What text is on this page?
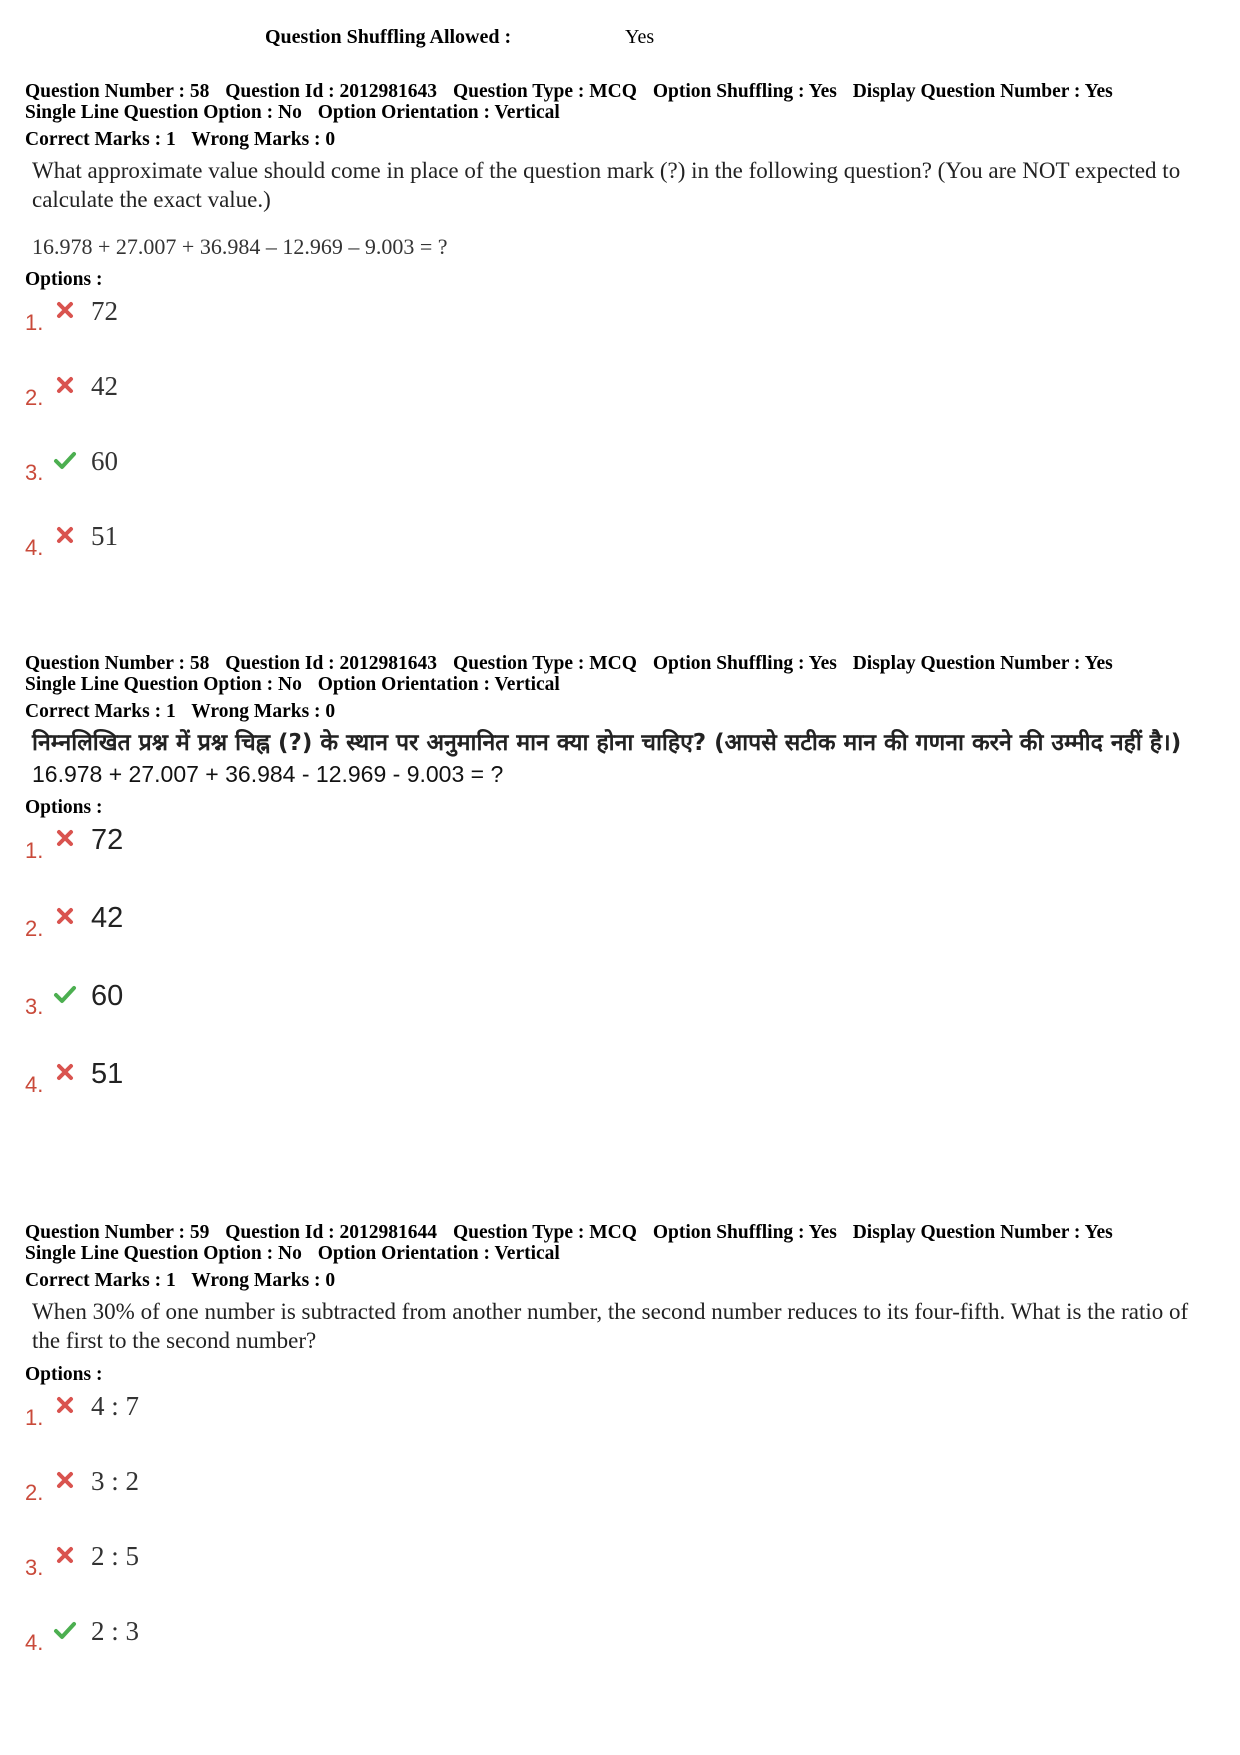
Question Shuffling Allowed :	Yes
Question Number : 58 Question Id : 2012981643 Question Type : MCQ Option Shuffling : Yes Display Question Number : Yes
Single Line Question Option : No Option Orientation : Vertical
Correct Marks : 1 Wrong Marks : 0
What approximate value should come in place of the question mark (?) in the following question? (You are NOT expected to calculate the exact value.)
16.978 + 27.007 + 36.984 – 12.969 – 9.003 = ?
Options :
1. 72
2. 42
3. 60
4. 51
Question Number : 58 Question Id : 2012981643 Question Type : MCQ Option Shuffling : Yes Display Question Number : Yes
Single Line Question Option : No Option Orientation : Vertical
Correct Marks : 1 Wrong Marks : 0
निम्नलिखित प्रश्न में प्रश्न चिह्न (?) के स्थान पर अनुमानित मान क्या होना चाहिए? (आपसे सटीक मान की गणना करने की उम्मीद नहीं है।)
16.978 + 27.007 + 36.984 - 12.969 - 9.003 = ?
Options :
1. 72
2. 42
3. 60
4. 51
Question Number : 59 Question Id : 2012981644 Question Type : MCQ Option Shuffling : Yes Display Question Number : Yes
Single Line Question Option : No Option Orientation : Vertical
Correct Marks : 1 Wrong Marks : 0
When 30% of one number is subtracted from another number, the second number reduces to its four-fifth. What is the ratio of the first to the second number?
Options :
1. 4 : 7
2. 3 : 2
3. 2 : 5
4. 2 : 3
